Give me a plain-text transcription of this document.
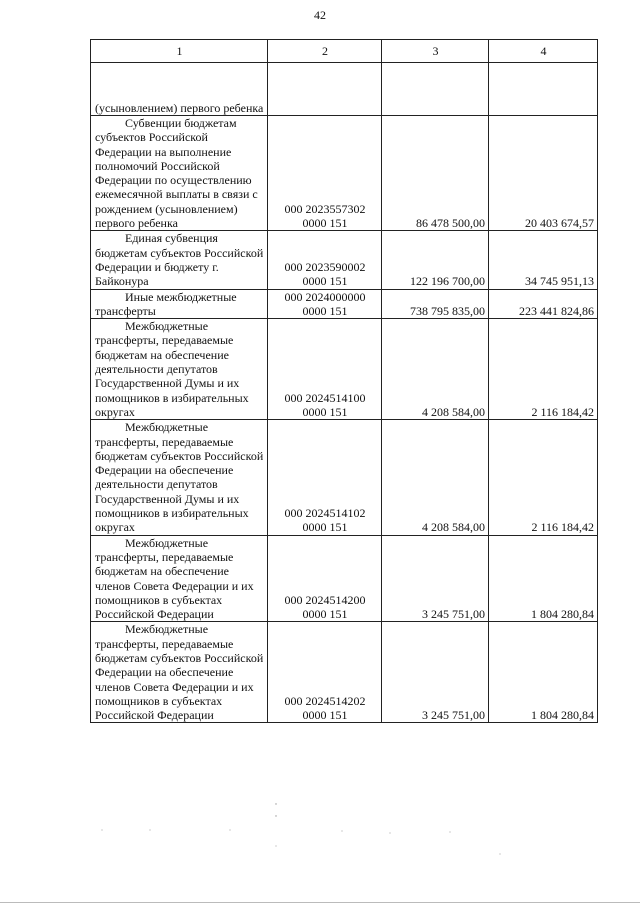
42
1	2	3	4
(усыновлением) первого ребенка			
Субвенции бюджетам субъектов Российской Федерации на выполнение полномочий Российской Федерации по осуществлению ежемесячной выплаты в связи с рождением (усыновлением) первого ребенка	000 2023557302 0000 151	86 478 500,00	20 403 674,57
Единая субвенция бюджетам субъектов Российской Федерации и бюджету г. Байконура	000 2023590002 0000 151	122 196 700,00	34 745 951,13
Иные межбюджетные трансферты	000 2024000000 0000 151	738 795 835,00	223 441 824,86
Межбюджетные трансферты, передаваемые бюджетам на обеспечение деятельности депутатов Государственной Думы и их помощников в избирательных округах	000 2024514100 0000 151	4 208 584,00	2 116 184,42
Межбюджетные трансферты, передаваемые бюджетам субъектов Российской Федерации на обеспечение деятельности депутатов Государственной Думы и их помощников в избирательных округах	000 2024514102 0000 151	4 208 584,00	2 116 184,42
Межбюджетные трансферты, передаваемые бюджетам на обеспечение членов Совета Федерации и их помощников в субъектах Российской Федерации	000 2024514200 0000 151	3 245 751,00	1 804 280,84
Межбюджетные трансферты, передаваемые бюджетам субъектов Российской Федерации на обеспечение членов Совета Федерации и их помощников в субъектах Российской Федерации	000 2024514202 0000 151	3 245 751,00	1 804 280,84
